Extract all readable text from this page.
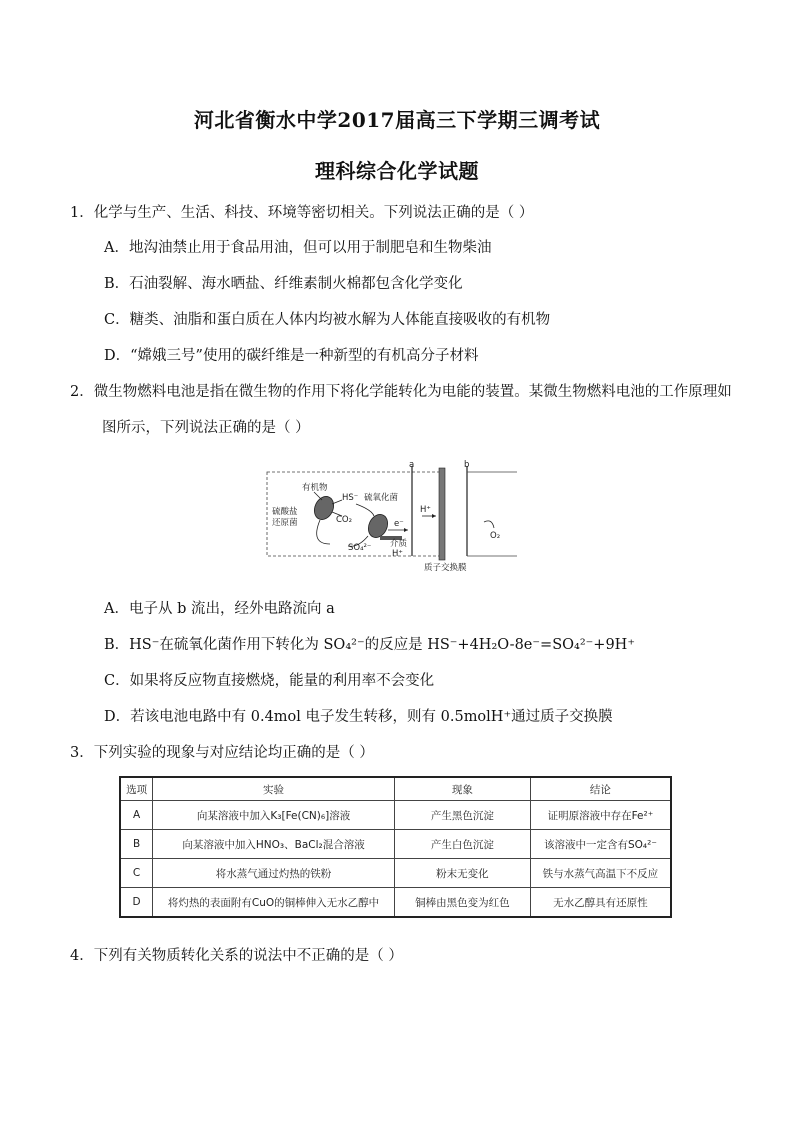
河北省衡水中学2017届高三下学期三调考试
理科综合化学试题
1．化学与生产、生活、科技、环境等密切相关。下列说法正确的是（ ）
A．地沟油禁止用于食品用油，但可以用于制肥皂和生物柴油
B．石油裂解、海水晒盐、纤维素制火棉都包含化学变化
C．糖类、油脂和蛋白质在人体内均被水解为人体能直接吸收的有机物
D．“嫦娥三号”使用的碳纤维是一种新型的有机高分子材料
2．微生物燃料电池是指在微生物的作用下将化学能转化为电能的装置。某微生物燃料电池的工作原理如
图所示，下列说法正确的是（ ）
a	b
有机物
HS⁻ 硫氧化菌
硫酸盐
还原菌	CO₂	e⁻
介质
SO₄²⁻
H⁺
H⁺
O₂
质子交换膜
A．电子从 b 流出，经外电路流向 a
B．HS⁻在硫氧化菌作用下转化为 SO₄²⁻的反应是 HS⁻+4H₂O-8e⁻=SO₄²⁻+9H⁺
C．如果将反应物直接燃烧，能量的利用率不会变化
D．若该电池电路中有 0.4mol 电子发生转移，则有 0.5molH⁺通过质子交换膜
3．下列实验的现象与对应结论均正确的是（ ）
选项	实验	现象	结论
A	向某溶液中加入K₃[Fe(CN)₆]溶液	产生黑色沉淀	证明原溶液中存在Fe²⁺
B	向某溶液中加入HNO₃、BaCl₂混合溶液	产生白色沉淀	该溶液中一定含有SO₄²⁻
C	将水蒸气通过灼热的铁粉	粉末无变化	铁与水蒸气高温下不反应
D	将灼热的表面附有CuO的铜棒伸入无水乙醇中	铜棒由黑色变为红色	无水乙醇具有还原性
4．下列有关物质转化关系的说法中不正确的是（ ）
